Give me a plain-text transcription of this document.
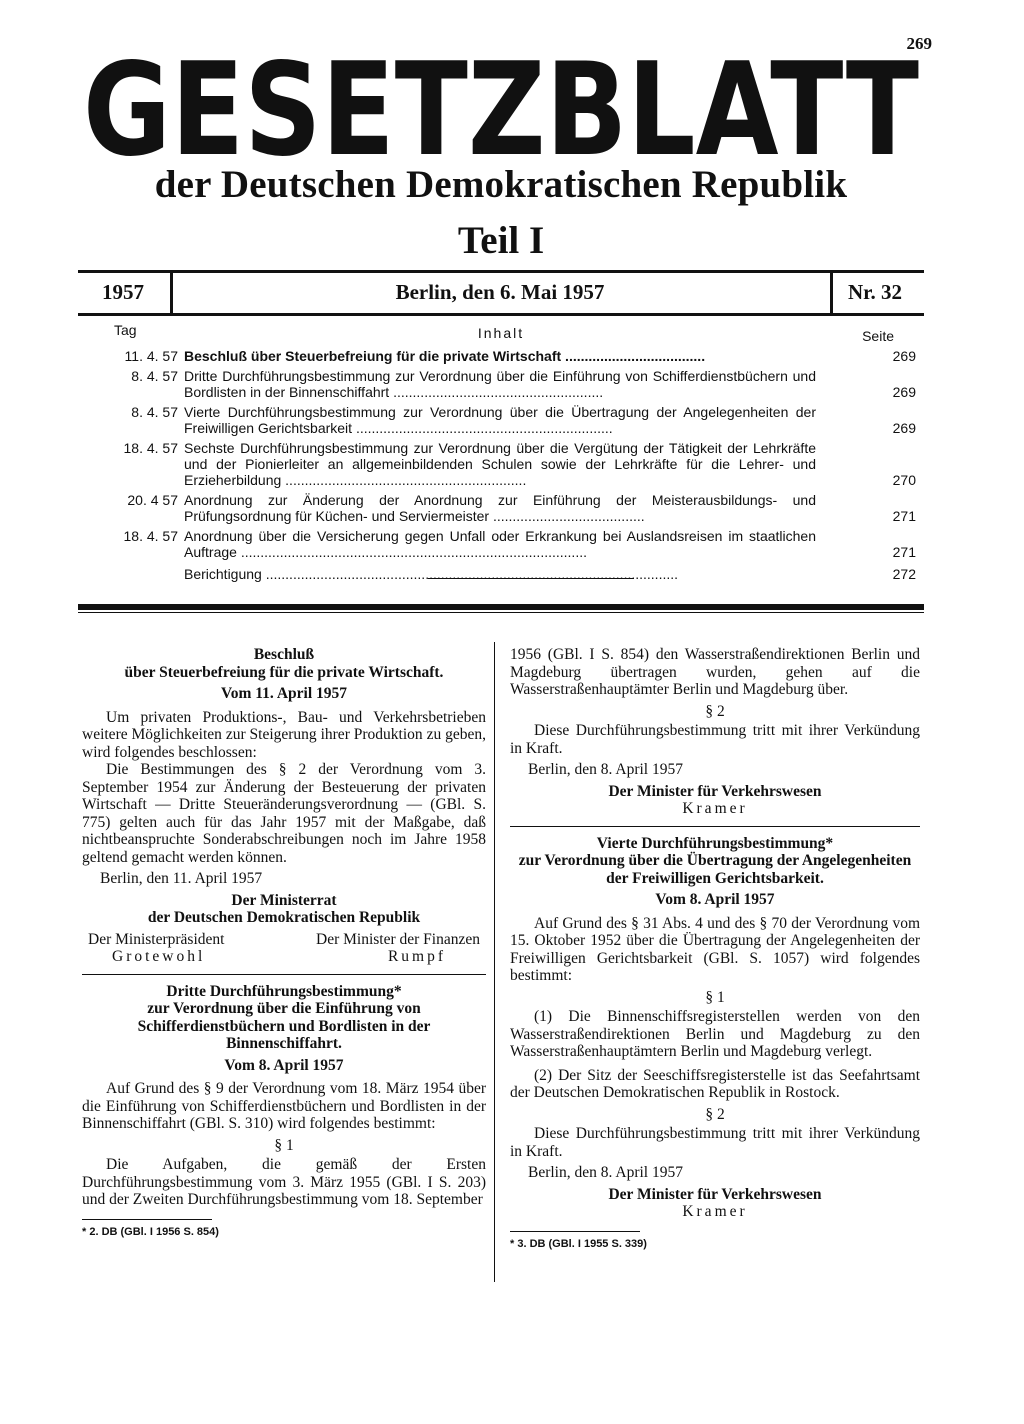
269
GESETZBLATT
der Deutschen Demokratischen Republik
Teil I
1957	Berlin, den 6. Mai 1957	Nr. 32
Tag	Inhalt	Seite
11. 4. 57 Beschluß über Steuerbefreiung für die private Wirtschaft ....................................	269
8. 4. 57 Dritte Durchführungsbestimmung zur Verordnung über die Einführung von Schifferdienstbüchern und Bordlisten in der Binnenschiffahrt ......................................................	269
8. 4. 57 Vierte Durchführungsbestimmung zur Verordnung über die Übertragung der Angelegenheiten der Freiwilligen Gerichtsbarkeit ..................................................................	269
18. 4. 57 Sechste Durchführungsbestimmung zur Verordnung über die Vergütung der Tätigkeit der Lehrkräfte und der Pionierleiter an allgemeinbildenden Schulen sowie der Lehrkräfte für die Lehrer- und Erzieherbildung ..............................................................	270
20. 4 57 Anordnung zur Änderung der Anordnung zur Einführung der Meisterausbildungs- und Prüfungsordnung für Küchen- und Serviermeister .......................................	271
18. 4. 57 Anordnung über die Versicherung gegen Unfall oder Erkrankung bei Auslandsreisen im staatlichen Auftrage .........................................................................................	271
Berichtigung ..........................................................................................................	272

Beschluß

über Steuerbefreiung für die private Wirtschaft.

Vom 11. April 1957

Um privaten Produktions-, Bau- und Verkehrsbetrieben weitere Möglichkeiten zur Steigerung ihrer Produktion zu geben, wird folgendes beschlossen:

Die Bestimmungen des § 2 der Verordnung vom 3. September 1954 zur Änderung der Besteuerung der privaten Wirtschaft — Dritte Steueränderungsverordnung — (GBl. S. 775) gelten auch für das Jahr 1957 mit der Maßgabe, daß nichtbeanspruchte Sonderabschreibungen noch im Jahre 1958 geltend gemacht werden können.

Berlin, den 11. April 1957

Der Ministerrat
der Deutschen Demokratischen Republik
Der Ministerpräsident	Der Minister der Finanzen
Grotewohl	Rumpf

Dritte Durchführungsbestimmung*

zur Verordnung über die Einführung von Schifferdienstbüchern und Bordlisten in der Binnenschiffahrt.

Vom 8. April 1957

Auf Grund des § 9 der Verordnung vom 18. März 1954 über die Einführung von Schifferdienstbüchern und Bordlisten in der Binnenschiffahrt (GBl. S. 310) wird folgendes bestimmt:

§ 1

Die Aufgaben, die gemäß der Ersten Durchführungsbestimmung vom 3. März 1955 (GBl. I S. 203) und der Zweiten Durchführungsbestimmung vom 18. September

* 2. DB (GBl. I 1956 S. 854)

1956 (GBl. I S. 854) den Wasserstraßendirektionen Berlin und Magdeburg übertragen wurden, gehen auf die Wasserstraßenhauptämter Berlin und Magdeburg über.

§ 2

Diese Durchführungsbestimmung tritt mit ihrer Verkündung in Kraft.

Berlin, den 8. April 1957

Der Minister für Verkehrswesen
Kramer

Vierte Durchführungsbestimmung*

zur Verordnung über die Übertragung der Angelegenheiten der Freiwilligen Gerichtsbarkeit.

Vom 8. April 1957

Auf Grund des § 31 Abs. 4 und des § 70 der Verordnung vom 15. Oktober 1952 über die Übertragung der Angelegenheiten der Freiwilligen Gerichtsbarkeit (GBl. S. 1057) wird folgendes bestimmt:

§ 1

(1) Die Binnenschiffsregisterstellen werden von den Wasserstraßendirektionen Berlin und Magdeburg zu den Wasserstraßenhauptämtern Berlin und Magdeburg verlegt.

(2) Der Sitz der Seeschiffsregisterstelle ist das Seefahrtsamt der Deutschen Demokratischen Republik in Rostock.

§ 2

Diese Durchführungsbestimmung tritt mit ihrer Verkündung in Kraft.

Berlin, den 8. April 1957

Der Minister für Verkehrswesen
Kramer
* 3. DB (GBl. I 1955 S. 339)
